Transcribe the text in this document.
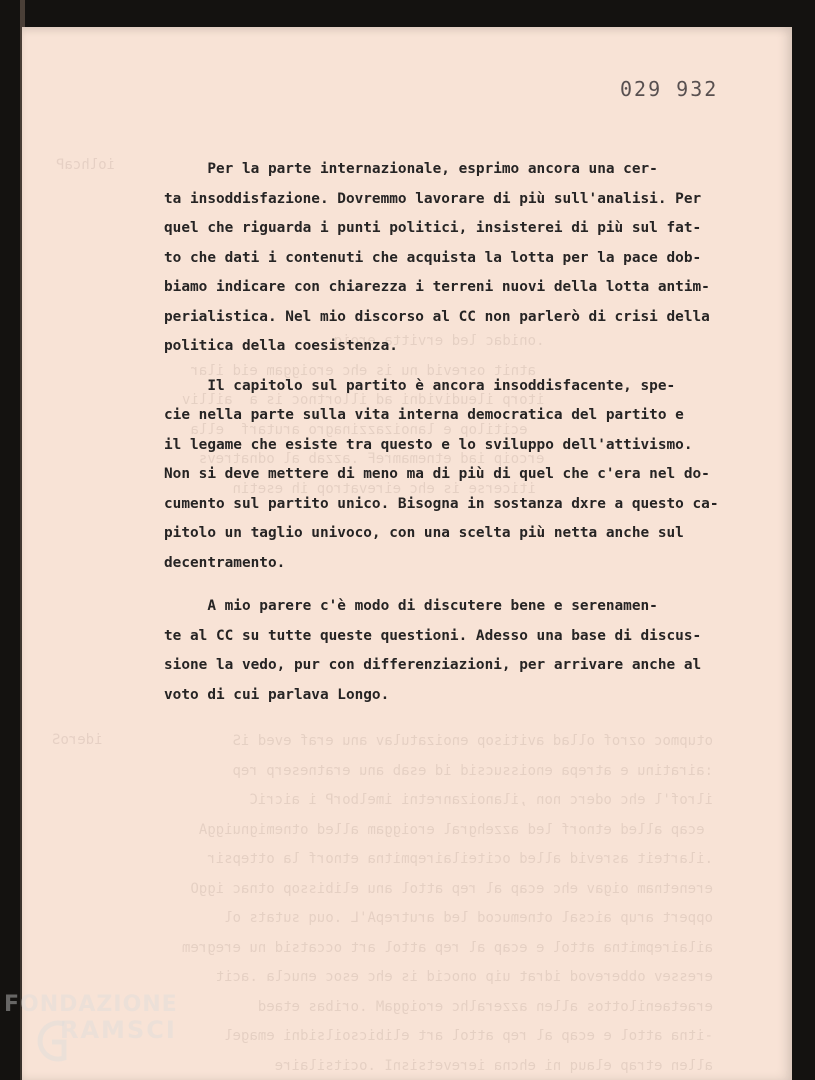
iolhcaP
ideroS
.onidac led ervitta eroig
atnit osrevid nu is ehc eroiggam eid ilar
itorp ileudividni ad illortnoc is a  ailliv
ecitilop e lanoizazzinagro arutarf  ella
ercoip iad etnemamreF .azzab al odnatrevs
iticerse is ehc eirevatrop ih esetin
otupmoc ozrof ollad avitisop enoizatulav anu eraf eved iS
:airatinu e atrepa enoissucsid id esab anu eratneserp rep
ilrof'l ehc oderc non ,ilanoizanretni imelborP i aicriC
ecap alled etnorf led azzehgral eroiggam alled otnemignuiggA
.ilarteit asrevid alled ociteilairepmitna etnorf la ottepsir
erenetnam oigav ehc ecap al rep attol anu elibissop otnac iggO
oppert arup aicsal otnemucod led arutrepA'L .ouq sutats ol
ailairepmitna attol e ecap al rep attol art occatsid nu eregrem
eressev obberevod idrat uip onocid is ehc esoc enucla .acit
eraetaenilottos allen azzeralhc eroiggaM .oribas etaed
-itna attol e ecap al rep attol art elibicsoilsidni emagel
allen etrap elauq ni ehcna ierevetsisnI .ocitsilaire
029 932
Per la parte internazionale, esprimo ancora una cer-
ta insoddisfazione. Dovremmo lavorare di più sull'analisi. Per
quel che riguarda i punti politici, insisterei di più sul fat-
to che dati i contenuti che acquista la lotta per la pace dob-
biamo indicare con chiarezza i terreni nuovi della lotta antim-
perialistica. Nel mio discorso al CC non parlerò di crisi della
politica della coesistenza.
Il capitolo sul partito è ancora insoddisfacente, spe-
cie nella parte sulla vita interna democratica del partito e
il legame che esiste tra questo e lo sviluppo dell'attivismo.
Non si deve mettere di meno ma di più di quel che c'era nel do-
cumento sul partito unico. Bisogna in sostanza dxre a questo ca-
pitolo un taglio univoco, con una scelta più netta anche sul
decentramento.
A mio parere c'è modo di discutere bene e serenamen-
te al CC su tutte queste questioni. Adesso una base di discus-
sione la vedo, pur con differenziazioni, per arrivare anche al
voto di cui parlava Longo.
FONDAZIONE
RAMSCI
